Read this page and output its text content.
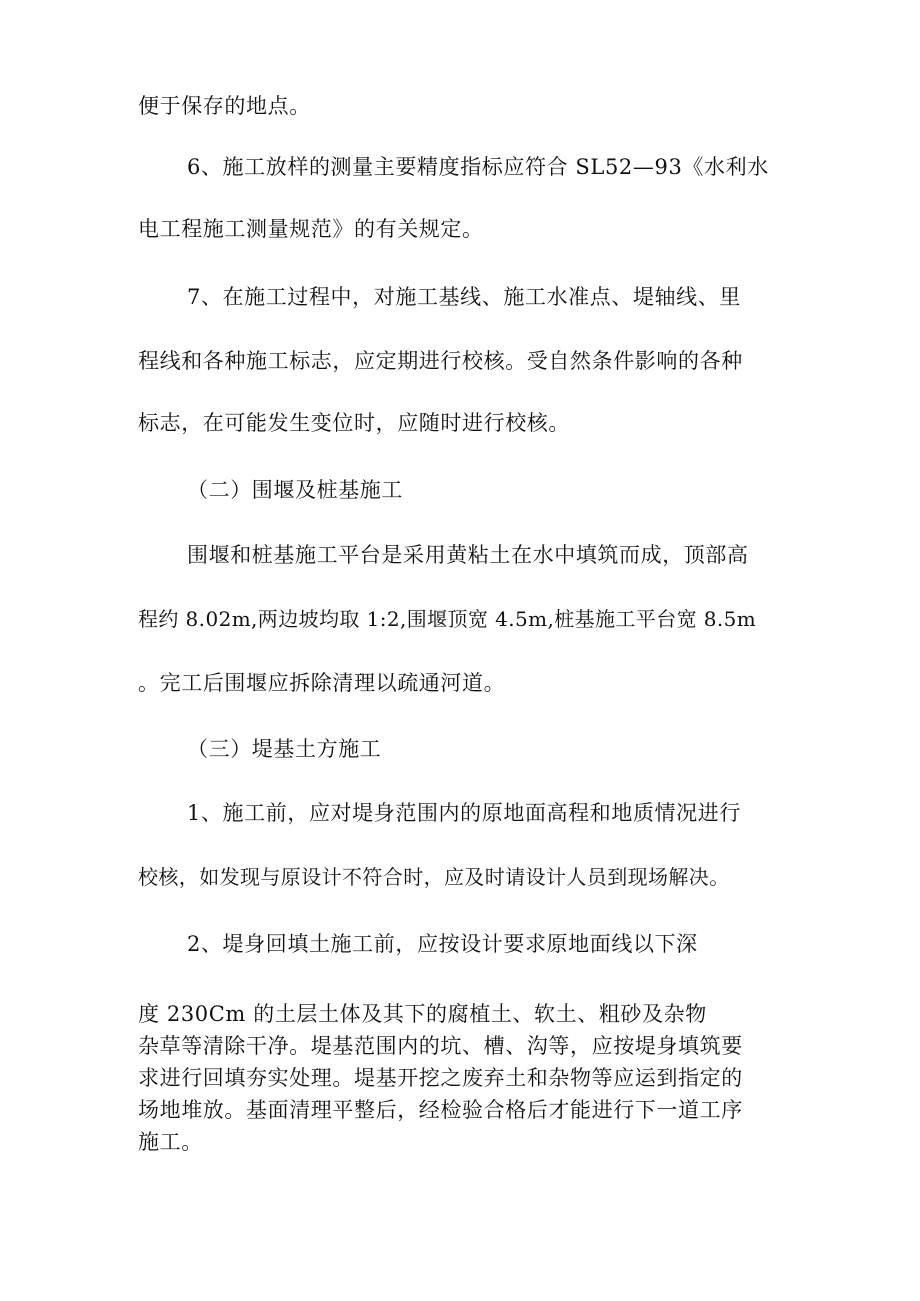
便于保存的地点。
6、施工放样的测量主要精度指标应符合 SL52—93《水利水
电工程施工测量规范》的有关规定。
7、在施工过程中，对施工基线、施工水准点、堤轴线、里
程线和各种施工标志，应定期进行校核。受自然条件影响的各种
标志，在可能发生变位时，应随时进行校核。
（二）围堰及桩基施工
围堰和桩基施工平台是采用黄粘土在水中填筑而成，顶部高
程约 8.02m,两边坡均取 1:2,围堰顶宽 4.5m,桩基施工平台宽 8.5m
。完工后围堰应拆除清理以疏通河道。
（三）堤基土方施工
1、施工前，应对堤身范围内的原地面高程和地质情况进行
校核，如发现与原设计不符合时，应及时请设计人员到现场解决。
2、堤身回填土施工前，应按设计要求原地面线以下深
度 230Cm 的土层土体及其下的腐植土、软土、粗砂及杂物
杂草等清除干净。堤基范围内的坑、槽、沟等，应按堤身填筑要
求进行回填夯实处理。堤基开挖之废弃土和杂物等应运到指定的
场地堆放。基面清理平整后，经检验合格后才能进行下一道工序
施工。
